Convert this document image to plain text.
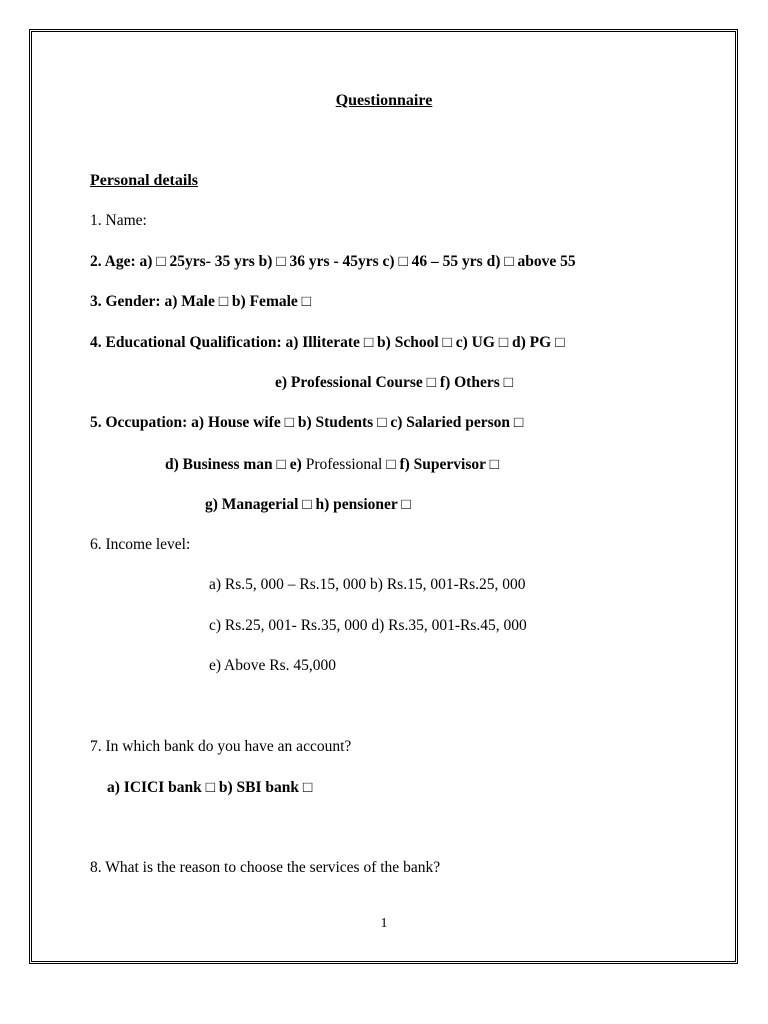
Questionnaire
Personal details
1. Name:
2. Age: a) □ 25yrs- 35 yrs b) □ 36 yrs - 45yrs c) □ 46 – 55 yrs d) □ above 55
3. Gender: a) Male □ b) Female □
4. Educational Qualification: a) Illiterate □ b) School □ c) UG □ d) PG □
e) Professional Course □ f) Others □
5. Occupation: a) House wife □ b) Students □ c) Salaried person □
d) Business man □ e) Professional □ f) Supervisor □
g) Managerial □ h) pensioner □
6. Income level:
a) Rs.5, 000 – Rs.15, 000 b) Rs.15, 001-Rs.25, 000
c) Rs.25, 001- Rs.35, 000 d) Rs.35, 001-Rs.45, 000
e) Above Rs. 45,000
7. In which bank do you have an account?
a) ICICI bank □ b) SBI bank □
8. What is the reason to choose the services of the bank?
1
